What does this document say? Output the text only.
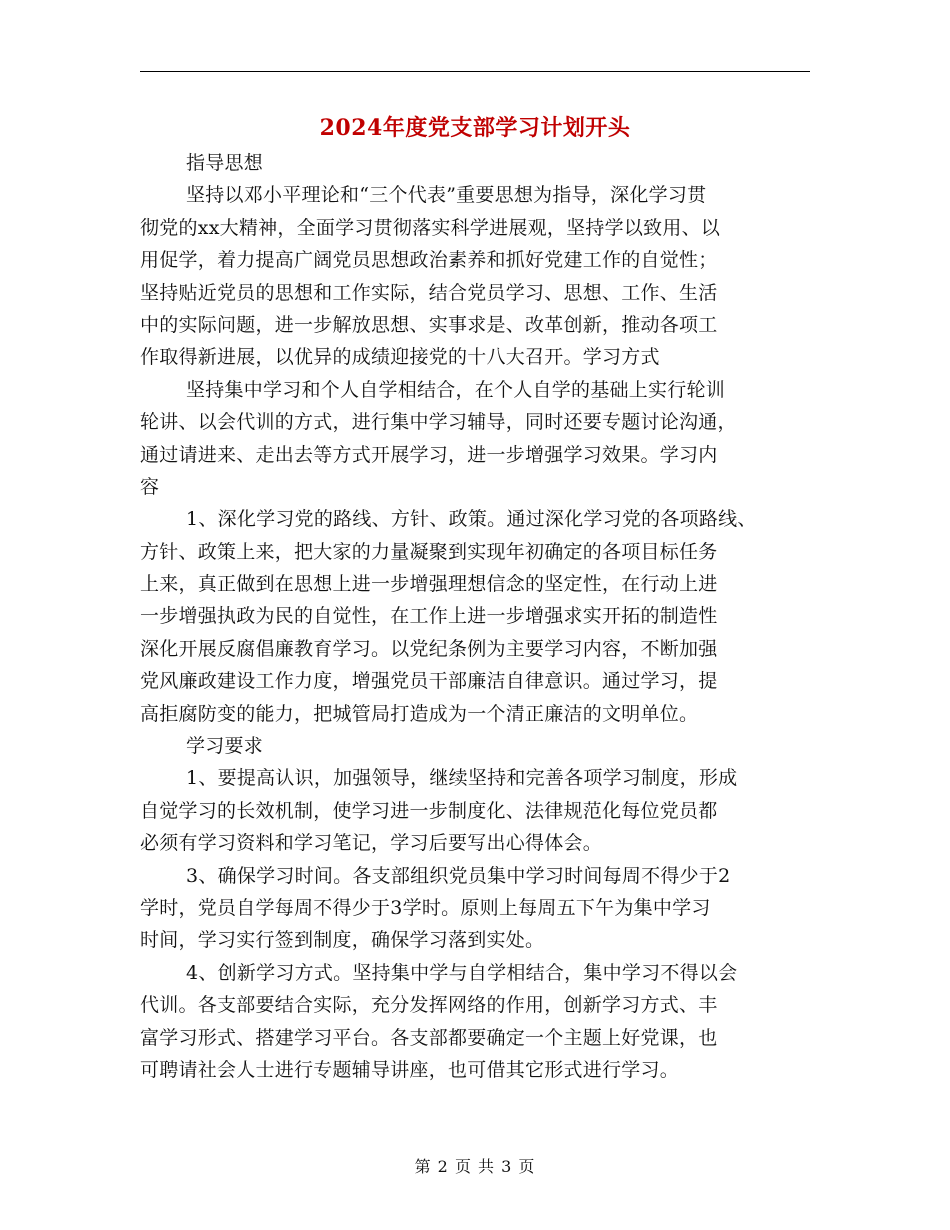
2024年度党支部学习计划开头
指导思想
坚持以邓小平理论和“三个代表”重要思想为指导，深化学习贯
彻党的xx大精神，全面学习贯彻落实科学进展观，坚持学以致用、以
用促学，着力提高广阔党员思想政治素养和抓好党建工作的自觉性；
坚持贴近党员的思想和工作实际，结合党员学习、思想、工作、生活
中的实际问题，进一步解放思想、实事求是、改革创新，推动各项工
作取得新进展，以优异的成绩迎接党的十八大召开。学习方式
坚持集中学习和个人自学相结合，在个人自学的基础上实行轮训
轮讲、以会代训的方式，进行集中学习辅导，同时还要专题讨论沟通，
通过请进来、走出去等方式开展学习，进一步增强学习效果。学习内
容
1、深化学习党的路线、方针、政策。通过深化学习党的各项路线、
方针、政策上来，把大家的力量凝聚到实现年初确定的各项目标任务
上来，真正做到在思想上进一步增强理想信念的坚定性，在行动上进
一步增强执政为民的自觉性，在工作上进一步增强求实开拓的制造性
深化开展反腐倡廉教育学习。以党纪条例为主要学习内容，不断加强
党风廉政建设工作力度，增强党员干部廉洁自律意识。通过学习，提
高拒腐防变的能力，把城管局打造成为一个清正廉洁的文明单位。
学习要求
1、要提高认识，加强领导，继续坚持和完善各项学习制度，形成
自觉学习的长效机制，使学习进一步制度化、法律规范化每位党员都
必须有学习资料和学习笔记，学习后要写出心得体会。
3、确保学习时间。各支部组织党员集中学习时间每周不得少于2
学时，党员自学每周不得少于3学时。原则上每周五下午为集中学习
时间，学习实行签到制度，确保学习落到实处。
4、创新学习方式。坚持集中学与自学相结合，集中学习不得以会
代训。各支部要结合实际，充分发挥网络的作用，创新学习方式、丰
富学习形式、搭建学习平台。各支部都要确定一个主题上好党课，也
可聘请社会人士进行专题辅导讲座，也可借其它形式进行学习。
第 2 页 共 3 页
